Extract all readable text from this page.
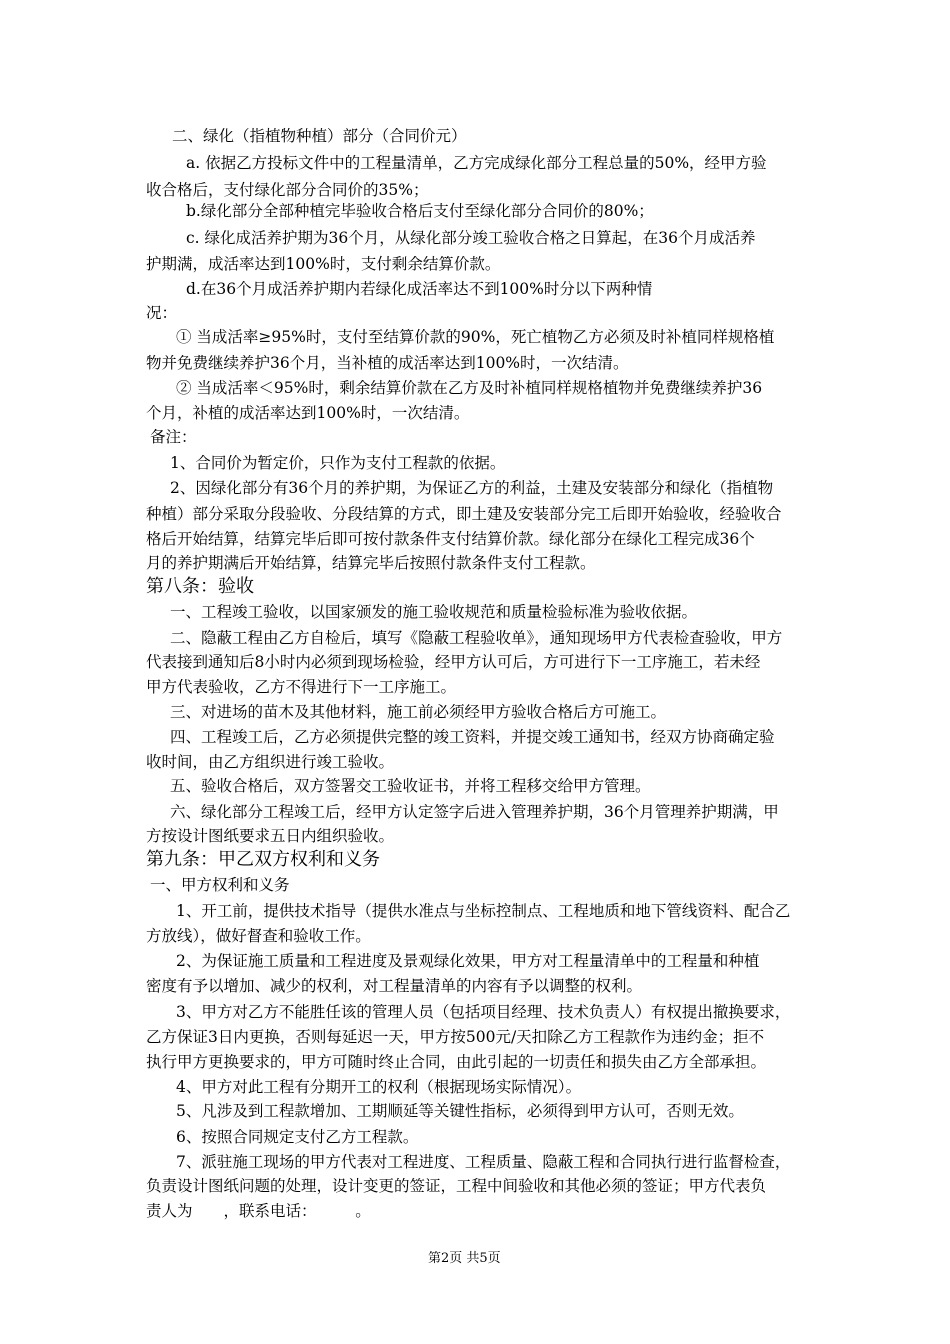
二、绿化（指植物种植）部分（合同价元）
a. 依据乙方投标文件中的工程量清单，乙方完成绿化部分工程总量的50%，经甲方验
收合格后，支付绿化部分合同价的35%；
b.绿化部分全部种植完毕验收合格后支付至绿化部分合同价的80%；
c. 绿化成活养护期为36个月，从绿化部分竣工验收合格之日算起，在36个月成活养
护期满，成活率达到100%时，支付剩余结算价款。
d.在36个月成活养护期内若绿化成活率达不到100%时分以下两种情
况：
① 当成活率≥95%时，支付至结算价款的90%，死亡植物乙方必须及时补植同样规格植
物并免费继续养护36个月，当补植的成活率达到100%时，一次结清。
② 当成活率＜95%时，剩余结算价款在乙方及时补植同样规格植物并免费继续养护36
个月，补植的成活率达到100%时，一次结清。
备注：
1、合同价为暂定价，只作为支付工程款的依据。
2、因绿化部分有36个月的养护期，为保证乙方的利益，土建及安装部分和绿化（指植物
种植）部分采取分段验收、分段结算的方式，即土建及安装部分完工后即开始验收，经验收合
格后开始结算，结算完毕后即可按付款条件支付结算价款。绿化部分在绿化工程完成36个
月的养护期满后开始结算，结算完毕后按照付款条件支付工程款。
第八条：验收
一、工程竣工验收，以国家颁发的施工验收规范和质量检验标准为验收依据。
二、隐蔽工程由乙方自检后，填写《隐蔽工程验收单》，通知现场甲方代表检查验收，甲方
代表接到通知后8小时内必须到现场检验，经甲方认可后，方可进行下一工序施工，若未经
甲方代表验收，乙方不得进行下一工序施工。
三、对进场的苗木及其他材料，施工前必须经甲方验收合格后方可施工。
四、工程竣工后，乙方必须提供完整的竣工资料，并提交竣工通知书，经双方协商确定验
收时间，由乙方组织进行竣工验收。
五、验收合格后，双方签署交工验收证书，并将工程移交给甲方管理。
六、绿化部分工程竣工后，经甲方认定签字后进入管理养护期，36个月管理养护期满，甲
方按设计图纸要求五日内组织验收。
第九条：甲乙双方权利和义务
一、甲方权利和义务
1、开工前，提供技术指导（提供水准点与坐标控制点、工程地质和地下管线资料、配合乙
方放线），做好督查和验收工作。
2、为保证施工质量和工程进度及景观绿化效果，甲方对工程量清单中的工程量和种植
密度有予以增加、减少的权利，对工程量清单的内容有予以调整的权利。
3、甲方对乙方不能胜任该的管理人员（包括项目经理、技术负责人）有权提出撤换要求，
乙方保证3日内更换，否则每延迟一天，甲方按500元/天扣除乙方工程款作为违约金；拒不
执行甲方更换要求的，甲方可随时终止合同，由此引起的一切责任和损失由乙方全部承担。
4、甲方对此工程有分期开工的权利（根据现场实际情况）。
5、凡涉及到工程款增加、工期顺延等关键性指标，必须得到甲方认可，否则无效。
6、按照合同规定支付乙方工程款。
7、派驻施工现场的甲方代表对工程进度、工程质量、隐蔽工程和合同执行进行监督检查，
负责设计图纸问题的处理，设计变更的签证，工程中间验收和其他必须的签证；甲方代表负
责人为　　，联系电话：　　　。
第2页 共5页
